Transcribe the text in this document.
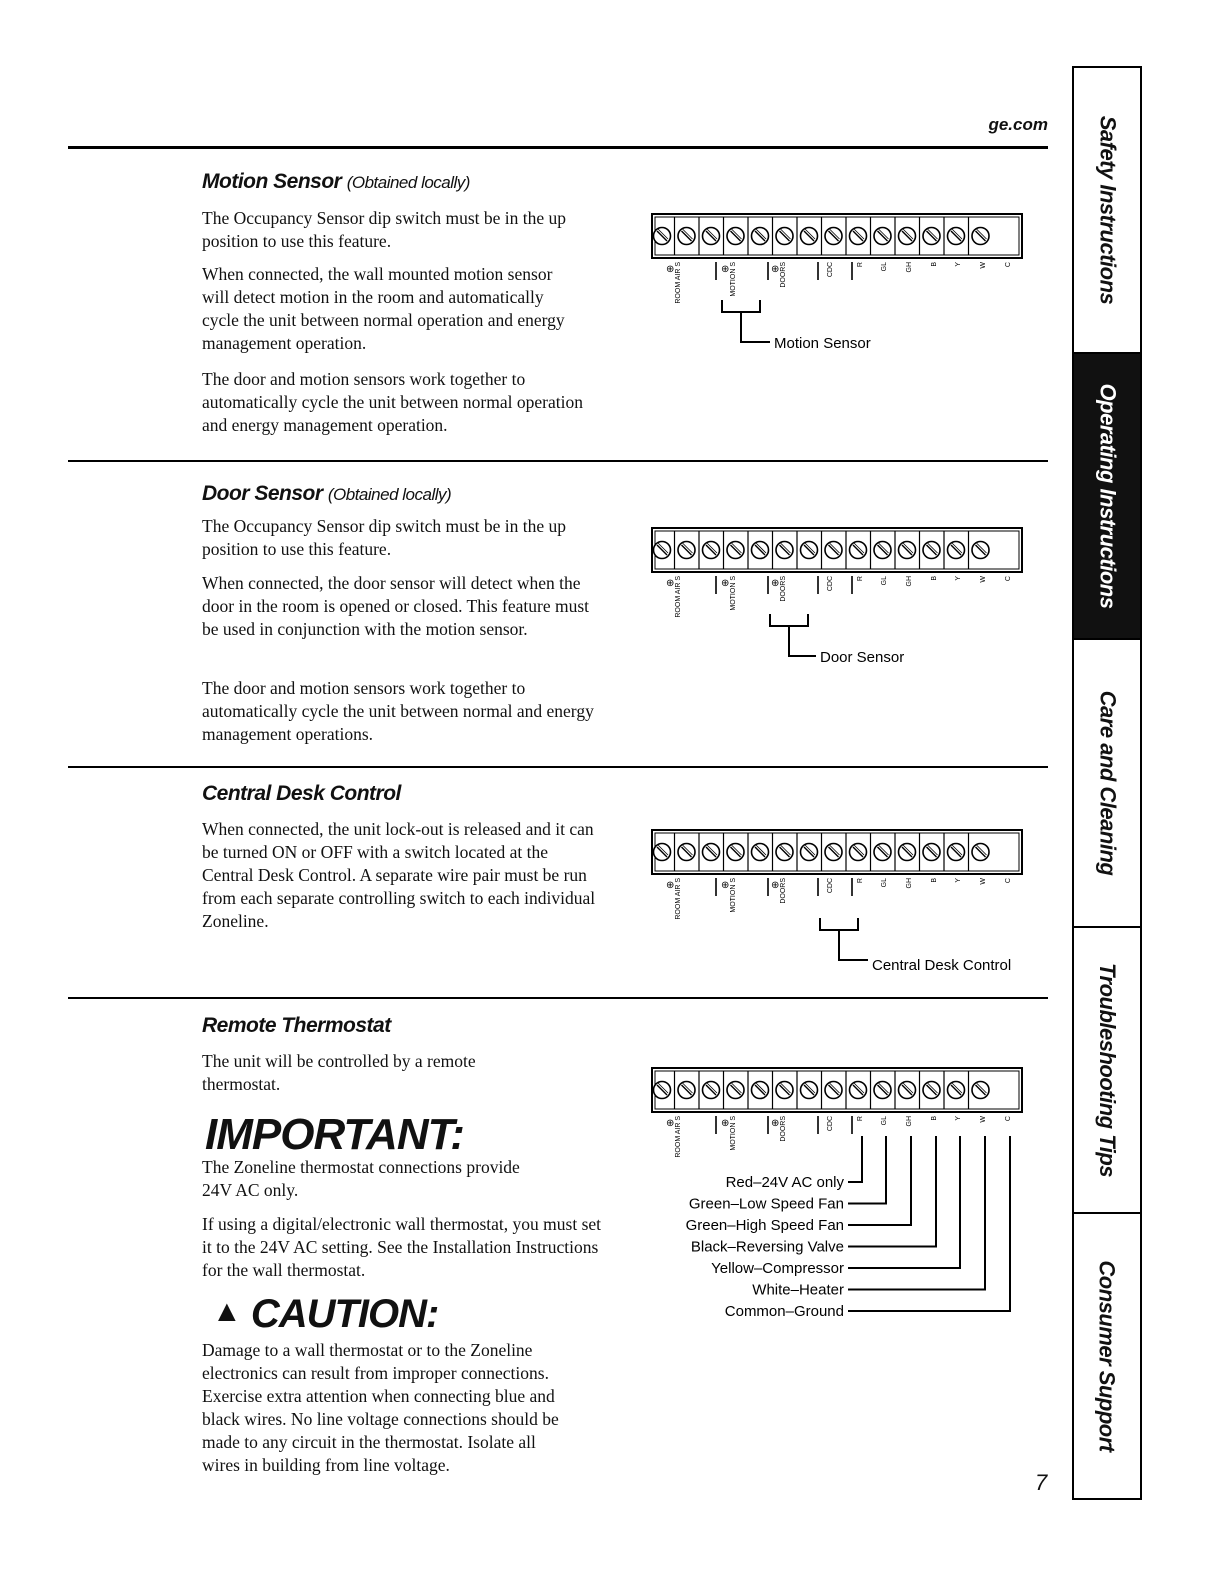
ge.com
Motion Sensor (Obtained locally)

The Occupancy Sensor dip switch must be in the up position to use this feature.

When connected, the wall mounted motion sensor will detect motion in the room and automatically cycle the unit between normal operation and energy management operation.

The door and motion sensors work together to automatically cycle the unit between normal operation and energy management operation.

⊕	⊕	⊕
ROOM AIR S	MOTION S	DOORS	CDC	R GL	GH	B Y	W	C
Motion Sensor
Door Sensor (Obtained locally)

The Occupancy Sensor dip switch must be in the up position to use this feature.

When connected, the door sensor will detect when the door in the room is opened or closed. This feature must be used in conjunction with the motion sensor.

The door and motion sensors work together to automatically cycle the unit between normal and energy management operations.

⊕	⊕	⊕
ROOM AIR S	MOTION S	DOORS	CDC	R GL	GH	B Y	W	C
Door Sensor
Central Desk Control

When connected, the unit lock-out is released and it can be turned ON or OFF with a switch located at the Central Desk Control. A separate wire pair must be run from each separate controlling switch to each individual Zoneline.

⊕	⊕	⊕
ROOM AIR S	MOTION S	DOORS	CDC	R GL	GH	B Y	W	C
Central Desk Control
Remote Thermostat

The unit will be controlled by a remote thermostat.

IMPORTANT:

The Zoneline thermostat connections provide 24V AC only.

If using a digital/electronic wall thermostat, you must set it to the 24V AC setting. See the Installation Instructions for the wall thermostat.

▲ CAUTION:

Damage to a wall thermostat or to the Zoneline electronics can result from improper connections. Exercise extra attention when connecting blue and black wires. No line voltage connections should be made to any circuit in the thermostat. Isolate all wires in building from line voltage.

⊕	⊕	⊕
ROOM AIR S	MOTION S	DOORS	CDC	R GL	GH	B Y	W	C
Red–24V AC only
Green–Low Speed Fan
Green–High Speed Fan
Black–Reversing Valve
Yellow–Compressor
White–Heater
Common–Ground
7
Safety Instructions
Operating Instructions
Care and Cleaning
Troubleshooting Tips
Consumer Support
